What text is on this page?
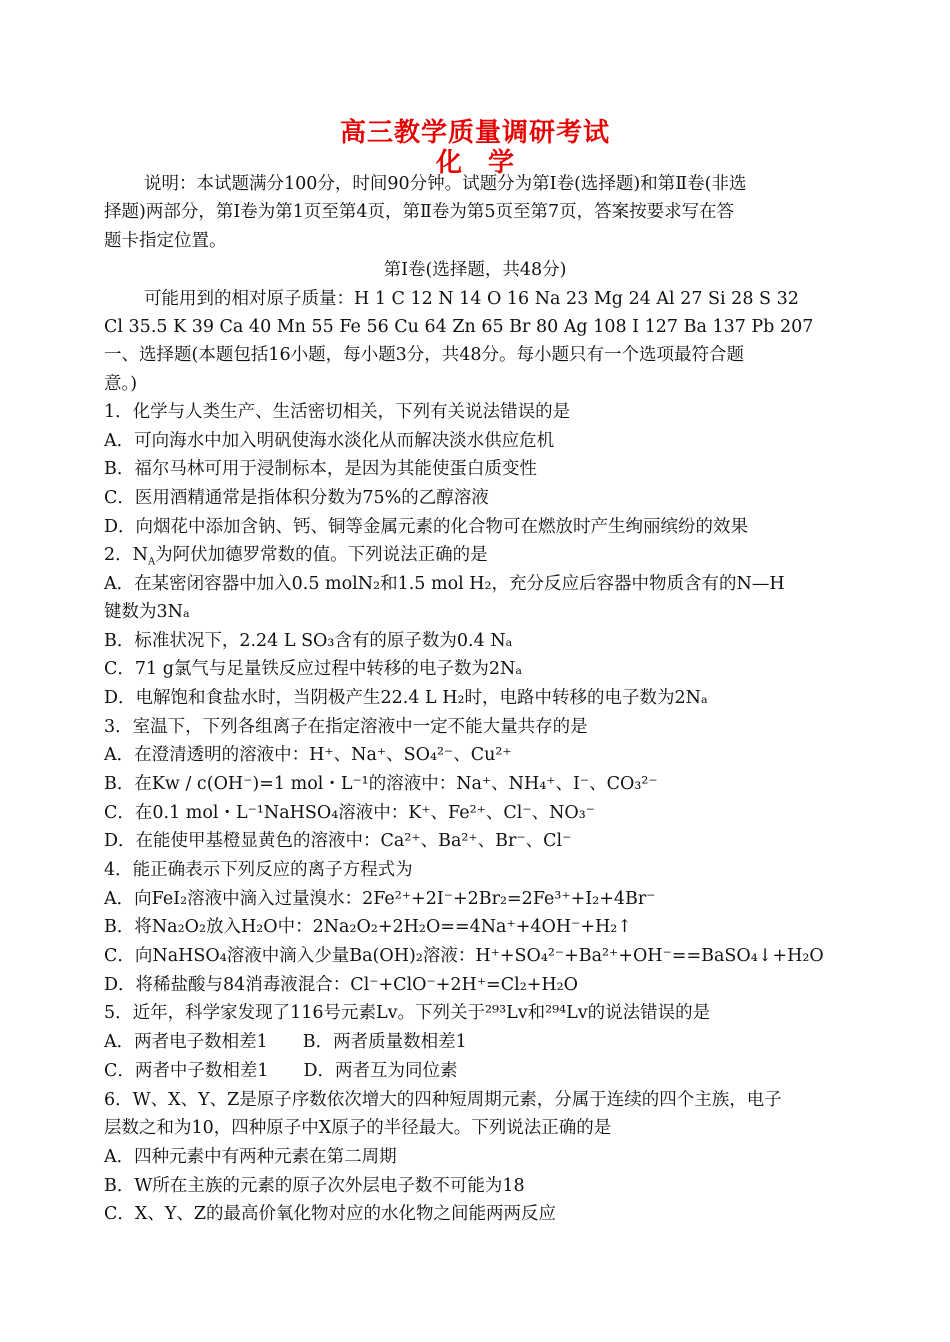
高三教学质量调研考试
化　学
说明：本试题满分100分，时间90分钟。试题分为第Ⅰ卷(选择题)和第Ⅱ卷(非选
择题)两部分，第Ⅰ卷为第1页至第4页，第Ⅱ卷为第5页至第7页，答案按要求写在答
题卡指定位置。
第Ⅰ卷(选择题，共48分)
可能用到的相对原子质量：H 1 C 12 N 14 O 16 Na 23 Mg 24 Al 27 Si 28 S 32
Cl 35.5 K 39 Ca 40 Mn 55 Fe 56 Cu 64 Zn 65 Br 80 Ag 108 I 127 Ba 137 Pb 207
一、选择题(本题包括16小题，每小题3分，共48分。每小题只有一个选项最符合题
意。)
1．化学与人类生产、生活密切相关，下列有关说法错误的是
A．可向海水中加入明矾使海水淡化从而解决淡水供应危机
B．福尔马林可用于浸制标本，是因为其能使蛋白质变性
C．医用酒精通常是指体积分数为75%的乙醇溶液
D．向烟花中添加含钠、钙、铜等金属元素的化合物可在燃放时产生绚丽缤纷的效果
2．$N_A$为阿伏加德罗常数的值。下列说法正确的是
A．在某密闭容器中加入0.5 molN₂和1.5 mol H₂，充分反应后容器中物质含有的N—H
键数为3Nₐ
B．标准状况下，2.24 L SO₃含有的原子数为0.4 Nₐ
C．71 g氯气与足量铁反应过程中转移的电子数为2Nₐ
D．电解饱和食盐水时，当阴极产生22.4 L H₂时，电路中转移的电子数为2Nₐ
3．室温下，下列各组离子在指定溶液中一定不能大量共存的是
A．在澄清透明的溶液中：H⁺、Na⁺、SO₄²⁻、Cu²⁺
B．在Kw / c(OH⁻)=1 mol・L⁻¹的溶液中：Na⁺、NH₄⁺、I⁻、CO₃²⁻
C．在0.1 mol・L⁻¹NaHSO₄溶液中：K⁺、Fe²⁺、Cl⁻、NO₃⁻
D．在能使甲基橙显黄色的溶液中：Ca²⁺、Ba²⁺、Br⁻、Cl⁻
4．能正确表示下列反应的离子方程式为
A．向FeI₂溶液中滴入过量溴水：2Fe²⁺+2I⁻+2Br₂=2Fe³⁺+I₂+4Br⁻
B．将Na₂O₂放入H₂O中：2Na₂O₂+2H₂O==4Na⁺+4OH⁻+H₂↑
C．向NaHSO₄溶液中滴入少量Ba(OH)₂溶液：H⁺+SO₄²⁻+Ba²⁺+OH⁻==BaSO₄↓+H₂O
D．将稀盐酸与84消毒液混合：Cl⁻+ClO⁻+2H⁺=Cl₂+H₂O
5．近年，科学家发现了116号元素Lv。下列关于²⁹³Lv和²⁹⁴Lv的说法错误的是
A．两者电子数相差1　　B．两者质量数相差1
C．两者中子数相差1　　D．两者互为同位素
6．W、X、Y、Z是原子序数依次增大的四种短周期元素，分属于连续的四个主族，电子
层数之和为10，四种原子中X原子的半径最大。下列说法正确的是
A．四种元素中有两种元素在第二周期
B．W所在主族的元素的原子次外层电子数不可能为18
C．X、Y、Z的最高价氧化物对应的水化物之间能两两反应
